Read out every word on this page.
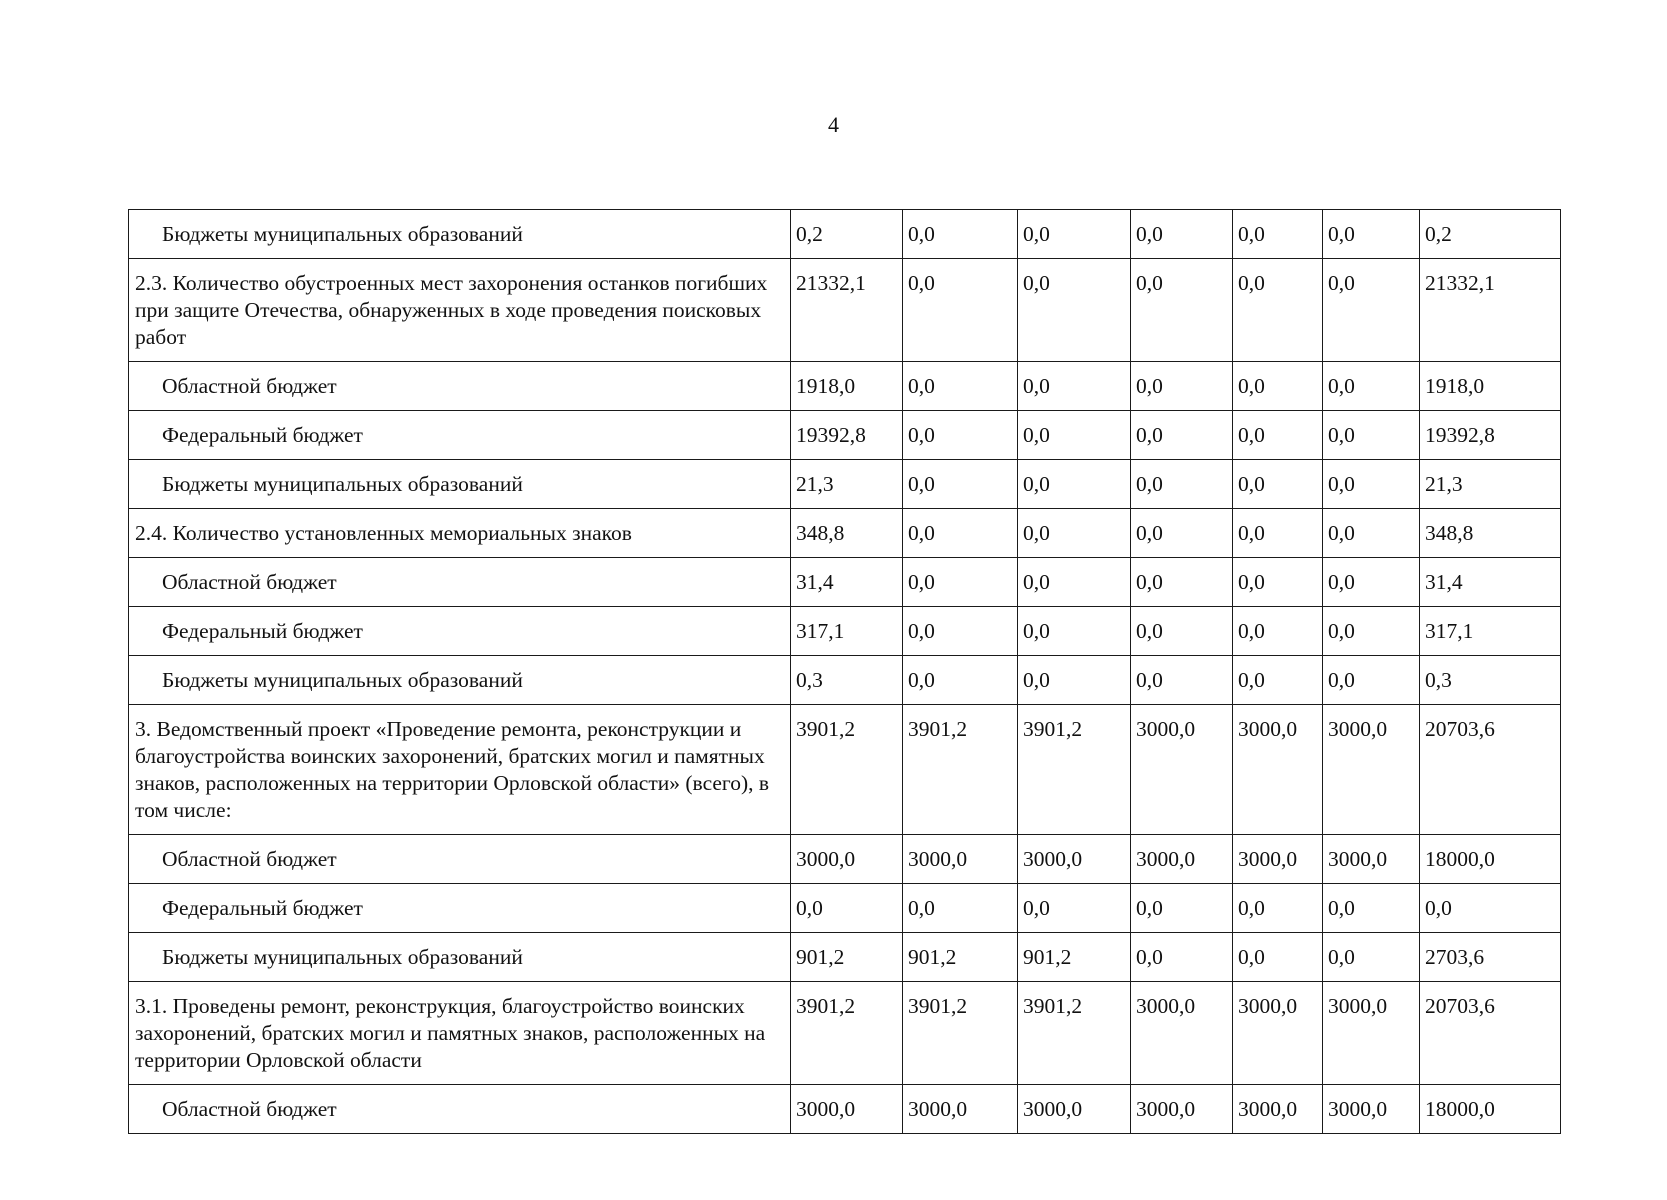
4
Бюджеты муниципальных образований	0,2	0,0	0,0	0,0	0,0	0,0	0,2
2.3. Количество обустроенных мест захоронения останков погибших при защите Отечества, обнаруженных в ходе проведения поисковых работ	21332,1	0,0	0,0	0,0	0,0	0,0	21332,1
Областной бюджет	1918,0	0,0	0,0	0,0	0,0	0,0	1918,0
Федеральный бюджет	19392,8	0,0	0,0	0,0	0,0	0,0	19392,8
Бюджеты муниципальных образований	21,3	0,0	0,0	0,0	0,0	0,0	21,3
2.4. Количество установленных мемориальных знаков	348,8	0,0	0,0	0,0	0,0	0,0	348,8
Областной бюджет	31,4	0,0	0,0	0,0	0,0	0,0	31,4
Федеральный бюджет	317,1	0,0	0,0	0,0	0,0	0,0	317,1
Бюджеты муниципальных образований	0,3	0,0	0,0	0,0	0,0	0,0	0,3
3. Ведомственный проект «Проведение ремонта, реконструкции и благоустройства воинских захоронений, братских могил и памятных знаков, расположенных на территории Орловской области» (всего), в том числе:	3901,2	3901,2	3901,2	3000,0	3000,0	3000,0	20703,6
Областной бюджет	3000,0	3000,0	3000,0	3000,0	3000,0	3000,0	18000,0
Федеральный бюджет	0,0	0,0	0,0	0,0	0,0	0,0	0,0
Бюджеты муниципальных образований	901,2	901,2	901,2	0,0	0,0	0,0	2703,6
3.1. Проведены ремонт, реконструкция, благоустройство воинских захоронений, братских могил и памятных знаков, расположенных на территории Орловской области	3901,2	3901,2	3901,2	3000,0	3000,0	3000,0	20703,6
Областной бюджет	3000,0	3000,0	3000,0	3000,0	3000,0	3000,0	18000,0
